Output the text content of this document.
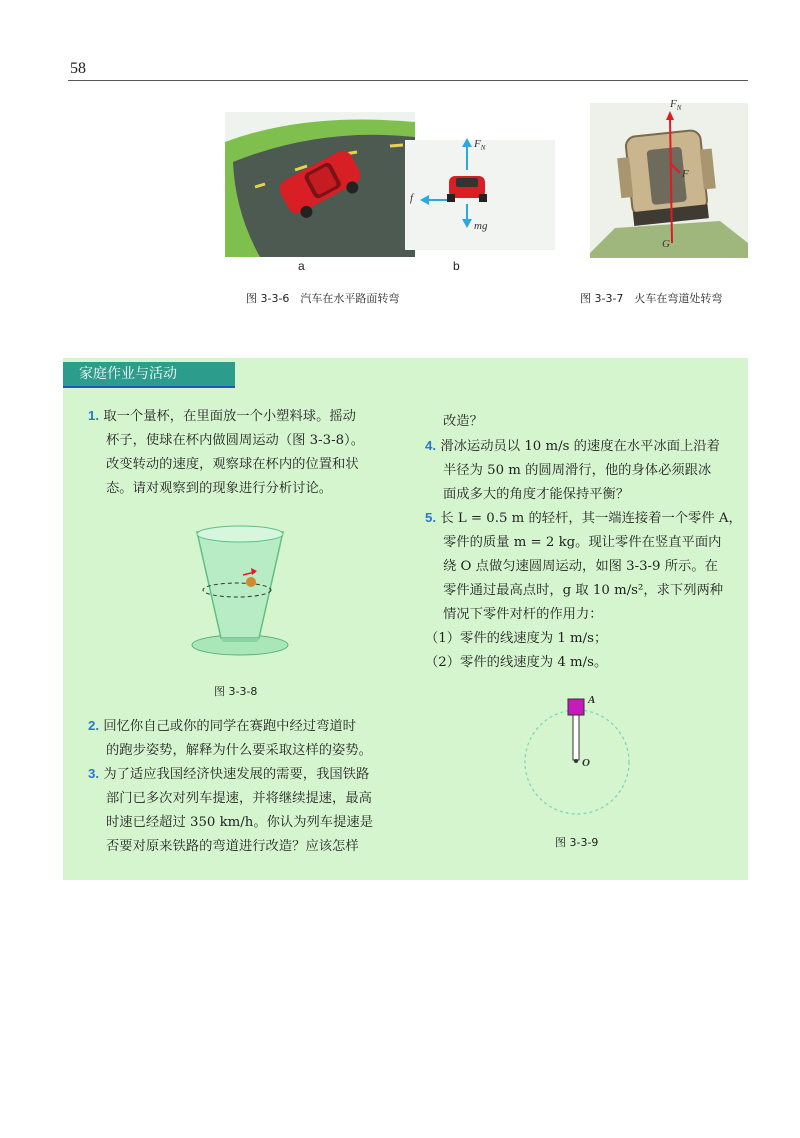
58
a
$F_N$
f
mg
b
图 3-3-6　汽车在水平路面转弯
$F_N$
F
G
图 3-3-7　火车在弯道处转弯
家庭作业与活动
1. 取一个量杯，在里面放一个小塑料球。摇动
杯子，使球在杯内做圆周运动（图 3-3-8）。
改变转动的速度，观察球在杯内的位置和状
态。请对观察到的现象进行分析讨论。
图 3-3-8
2. 回忆你自己或你的同学在赛跑中经过弯道时
的跑步姿势，解释为什么要采取这样的姿势。
3. 为了适应我国经济快速发展的需要，我国铁路
部门已多次对列车提速，并将继续提速，最高
时速已经超过 350 km/h。你认为列车提速是
否要对原来铁路的弯道进行改造？应该怎样
改造？
4. 滑冰运动员以 10 m/s 的速度在水平冰面上沿着
半径为 50 m 的圆周滑行，他的身体必须跟冰
面成多大的角度才能保持平衡？
5. 长 L = 0.5 m 的轻杆，其一端连接着一个零件 A，
零件的质量 m = 2 kg。现让零件在竖直平面内
绕 O 点做匀速圆周运动，如图 3-3-9 所示。在
零件通过最高点时，g 取 10 m/s²，求下列两种
情况下零件对杆的作用力：
（1）零件的线速度为 1 m/s；
（2）零件的线速度为 4 m/s。
A
O
图 3-3-9
